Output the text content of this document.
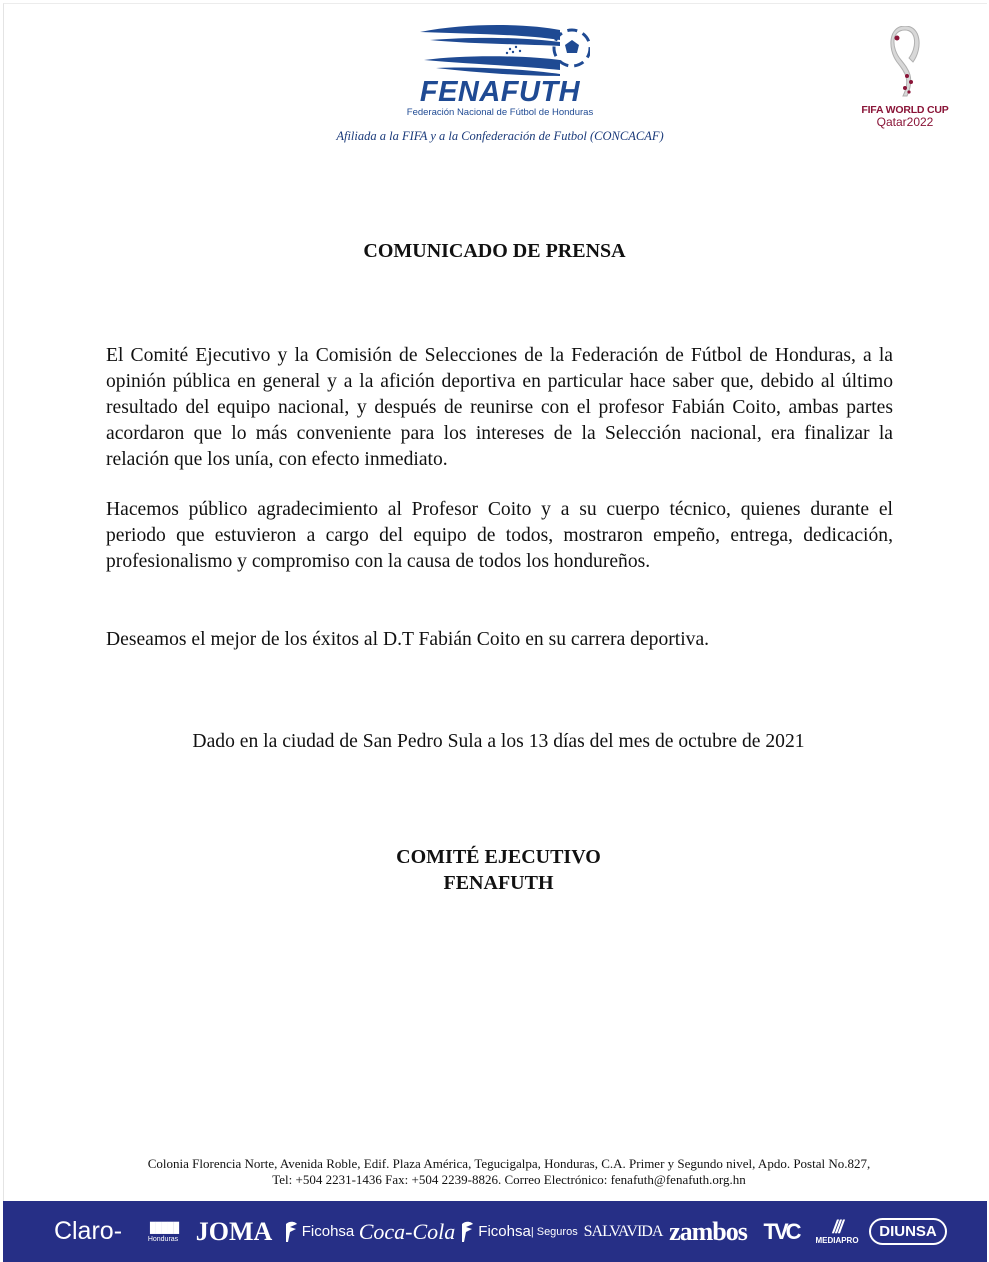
FENAFUTH
Federación Nacional de Fútbol de Honduras
Afiliada a la FIFA y a la Confederación de Futbol (CONCACAF)
FIFA WORLD CUP
Qatar2022
COMUNICADO DE PRENSA
El Comité Ejecutivo y la Comisión de Selecciones de la Federación de Fútbol de Honduras, a la opinión pública en general y a la afición deportiva en particular hace saber que, debido al último resultado del equipo nacional, y después de reunirse con el profesor Fabián Coito, ambas partes acordaron que lo más conveniente para los intereses de la Selección nacional, era finalizar la relación que los unía, con efecto inmediato.
Hacemos público agradecimiento al Profesor Coito y a su cuerpo técnico, quienes durante el periodo que estuvieron a cargo del equipo de todos, mostraron empeño, entrega, dedicación, profesionalismo y compromiso con la causa de todos los hondureños.
Deseamos el mejor de los éxitos al D.T Fabián Coito en su carrera deportiva.
Dado en la ciudad de San Pedro Sula a los 13 días del mes de octubre de 2021
COMITÉ EJECUTIVO
FENAFUTH
Colonia Florencia Norte, Avenida Roble, Edif. Plaza América, Tegucigalpa, Honduras, C.A. Primer y Segundo nivel, Apdo. Postal No.827,
Tel: +504 2231-1436 Fax: +504 2239-8826. Correo Electrónico: fenafuth@fenafuth.org.hn
Claro- ▮▮▮▮▮
Honduras JOMA Ficohsa Coca-Cola Ficohsa | Seguros SALVAVIDA zambos TVC ///
MEDIAPRO	DIUNSA
